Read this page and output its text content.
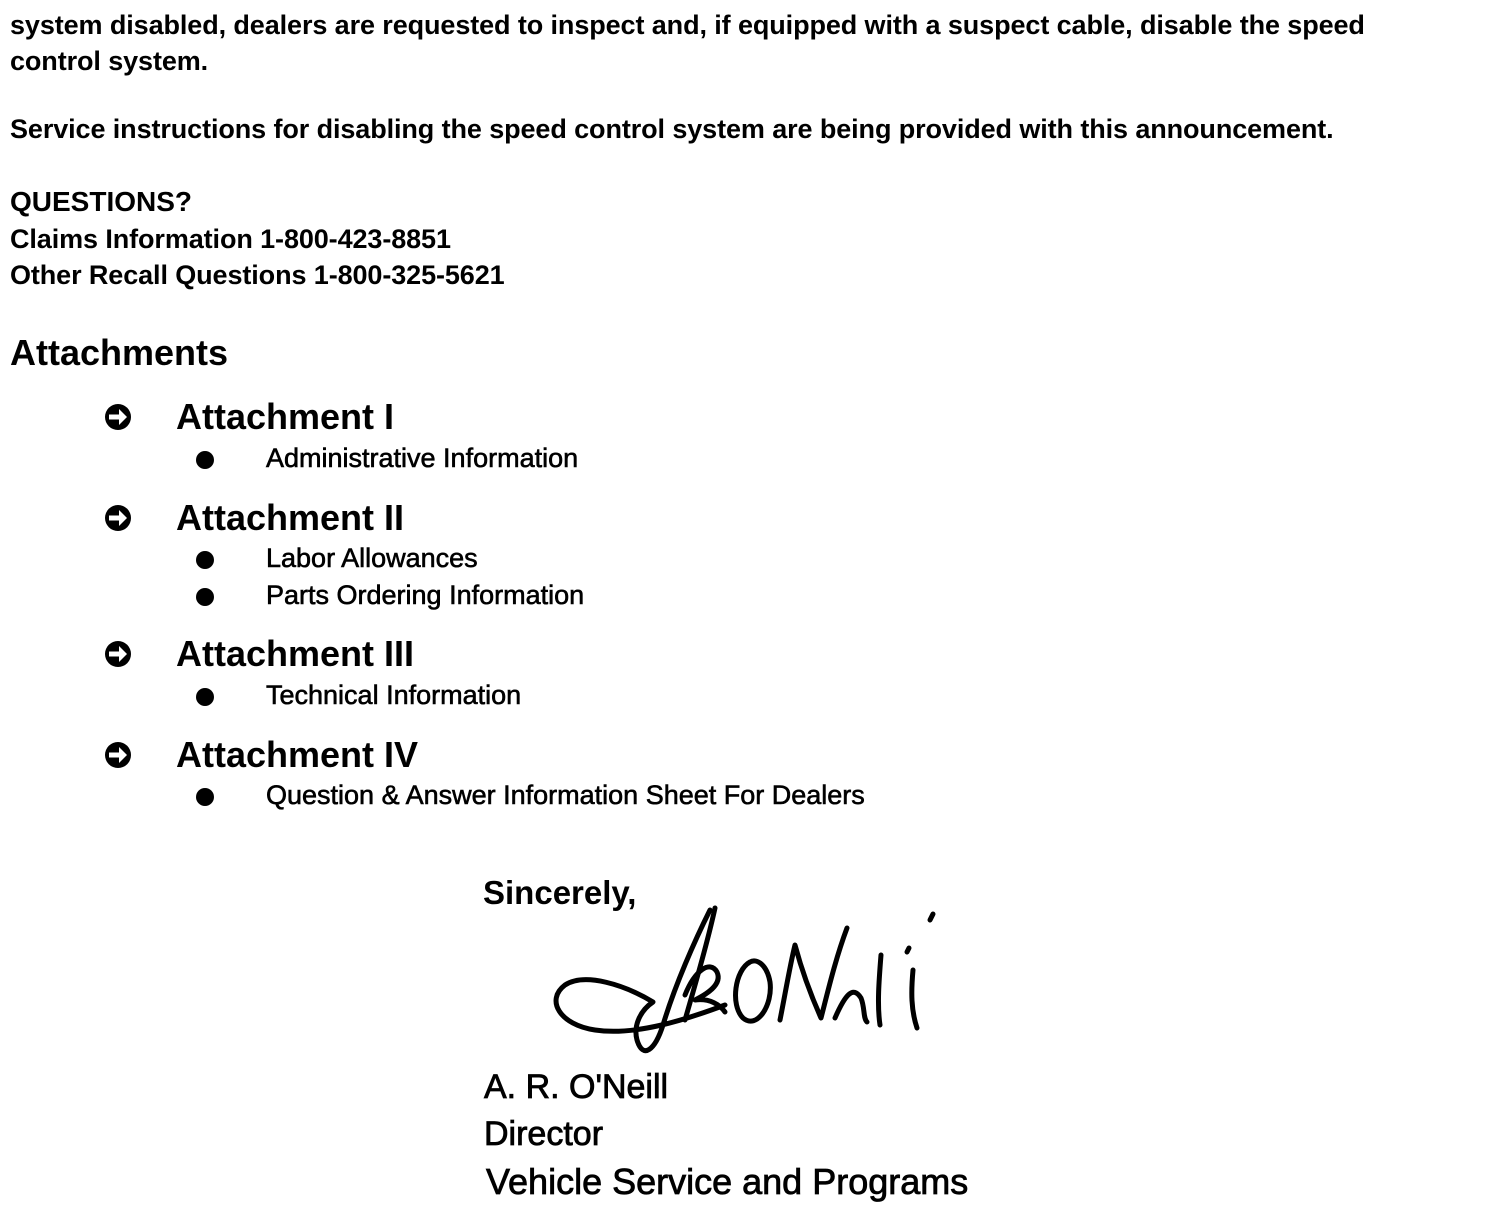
system disabled, dealers are requested to inspect and, if equipped with a suspect cable, disable the speed
control system.
Service instructions for disabling the speed control system are being provided with this announcement.
QUESTIONS?
Claims Information 1-800-423-8851
Other Recall Questions 1-800-325-5621
Attachments
Attachment I
Administrative Information
Attachment II
Labor Allowances
Parts Ordering Information
Attachment III
Technical Information
Attachment IV
Question & Answer Information Sheet For Dealers
Sincerely,
A. R. O'Neill
Director
Vehicle Service and Programs
